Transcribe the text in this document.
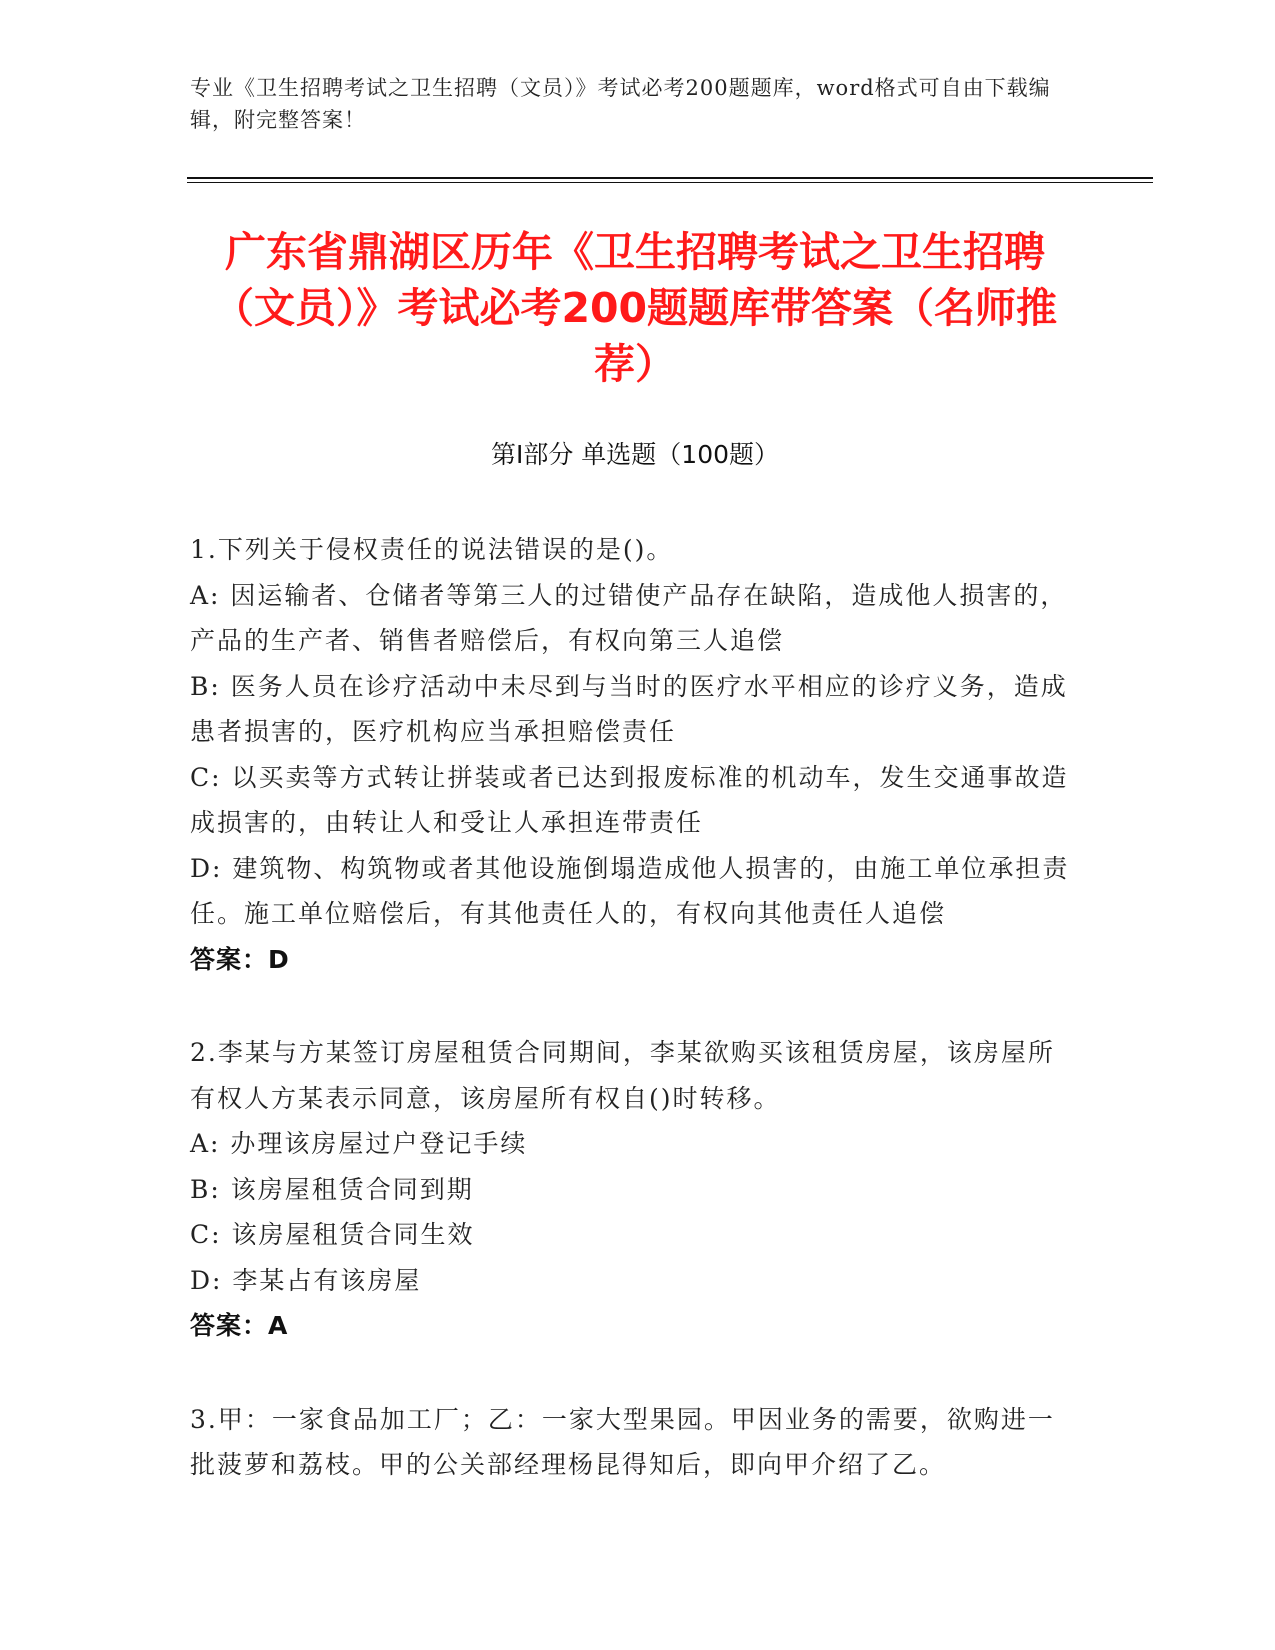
专业《卫生招聘考试之卫生招聘（文员）》考试必考200题题库，word格式可自由下载编辑，附完整答案！
广东省鼎湖区历年《卫生招聘考试之卫生招聘（文员）》考试必考200题题库带答案（名师推荐）
第Ⅰ部分 单选题（100题）
1.下列关于侵权责任的说法错误的是()。
A: 因运输者、仓储者等第三人的过错使产品存在缺陷，造成他人损害的，产品的生产者、销售者赔偿后，有权向第三人追偿
B: 医务人员在诊疗活动中未尽到与当时的医疗水平相应的诊疗义务，造成患者损害的，医疗机构应当承担赔偿责任
C: 以买卖等方式转让拼装或者已达到报废标准的机动车，发生交通事故造成损害的，由转让人和受让人承担连带责任
D: 建筑物、构筑物或者其他设施倒塌造成他人损害的，由施工单位承担责任。施工单位赔偿后，有其他责任人的，有权向其他责任人追偿
答案：D
2.李某与方某签订房屋租赁合同期间，李某欲购买该租赁房屋，该房屋所有权人方某表示同意，该房屋所有权自()时转移。
A: 办理该房屋过户登记手续
B: 该房屋租赁合同到期
C: 该房屋租赁合同生效
D: 李某占有该房屋
答案：A
3.甲：一家食品加工厂；乙：一家大型果园。甲因业务的需要，欲购进一批菠萝和荔枝。甲的公关部经理杨昆得知后，即向甲介绍了乙。
